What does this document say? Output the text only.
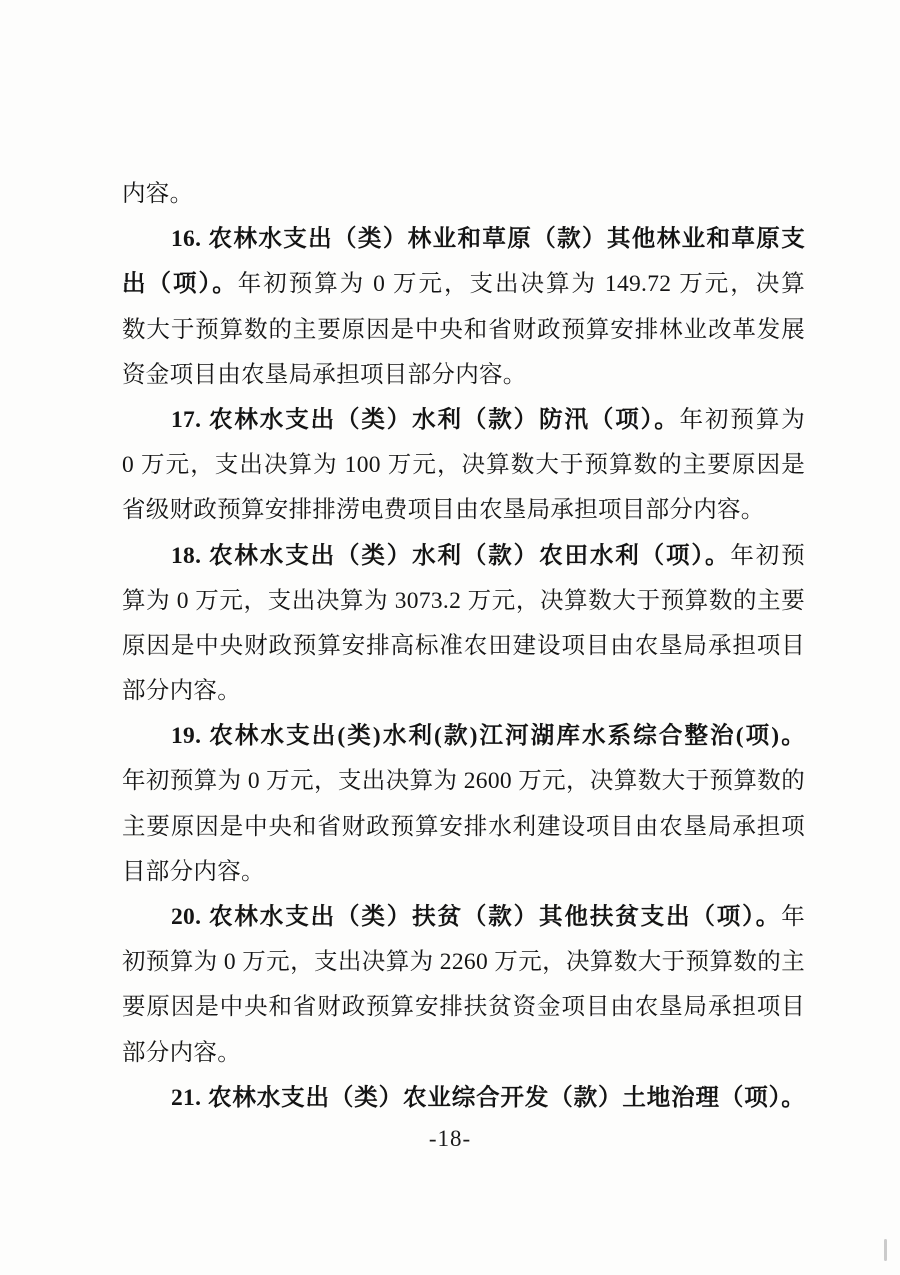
内容。
16. 农林水支出（类）林业和草原（款）其他林业和草原支
出（项）。年初预算为 0 万元，支出决算为 149.72 万元，决算
数大于预算数的主要原因是中央和省财政预算安排林业改革发展
资金项目由农垦局承担项目部分内容。
17. 农林水支出（类）水利（款）防汛（项）。年初预算为
0 万元，支出决算为 100 万元，决算数大于预算数的主要原因是
省级财政预算安排排涝电费项目由农垦局承担项目部分内容。
18. 农林水支出（类）水利（款）农田水利（项）。年初预
算为 0 万元，支出决算为 3073.2 万元，决算数大于预算数的主要
原因是中央财政预算安排高标准农田建设项目由农垦局承担项目
部分内容。
19. 农林水支出(类)水利(款)江河湖库水系综合整治(项)。
年初预算为 0 万元，支出决算为 2600 万元，决算数大于预算数的
主要原因是中央和省财政预算安排水利建设项目由农垦局承担项
目部分内容。
20. 农林水支出（类）扶贫（款）其他扶贫支出（项）。年
初预算为 0 万元，支出决算为 2260 万元，决算数大于预算数的主
要原因是中央和省财政预算安排扶贫资金项目由农垦局承担项目
部分内容。
21. 农林水支出（类）农业综合开发（款）土地治理（项）。
-18-
